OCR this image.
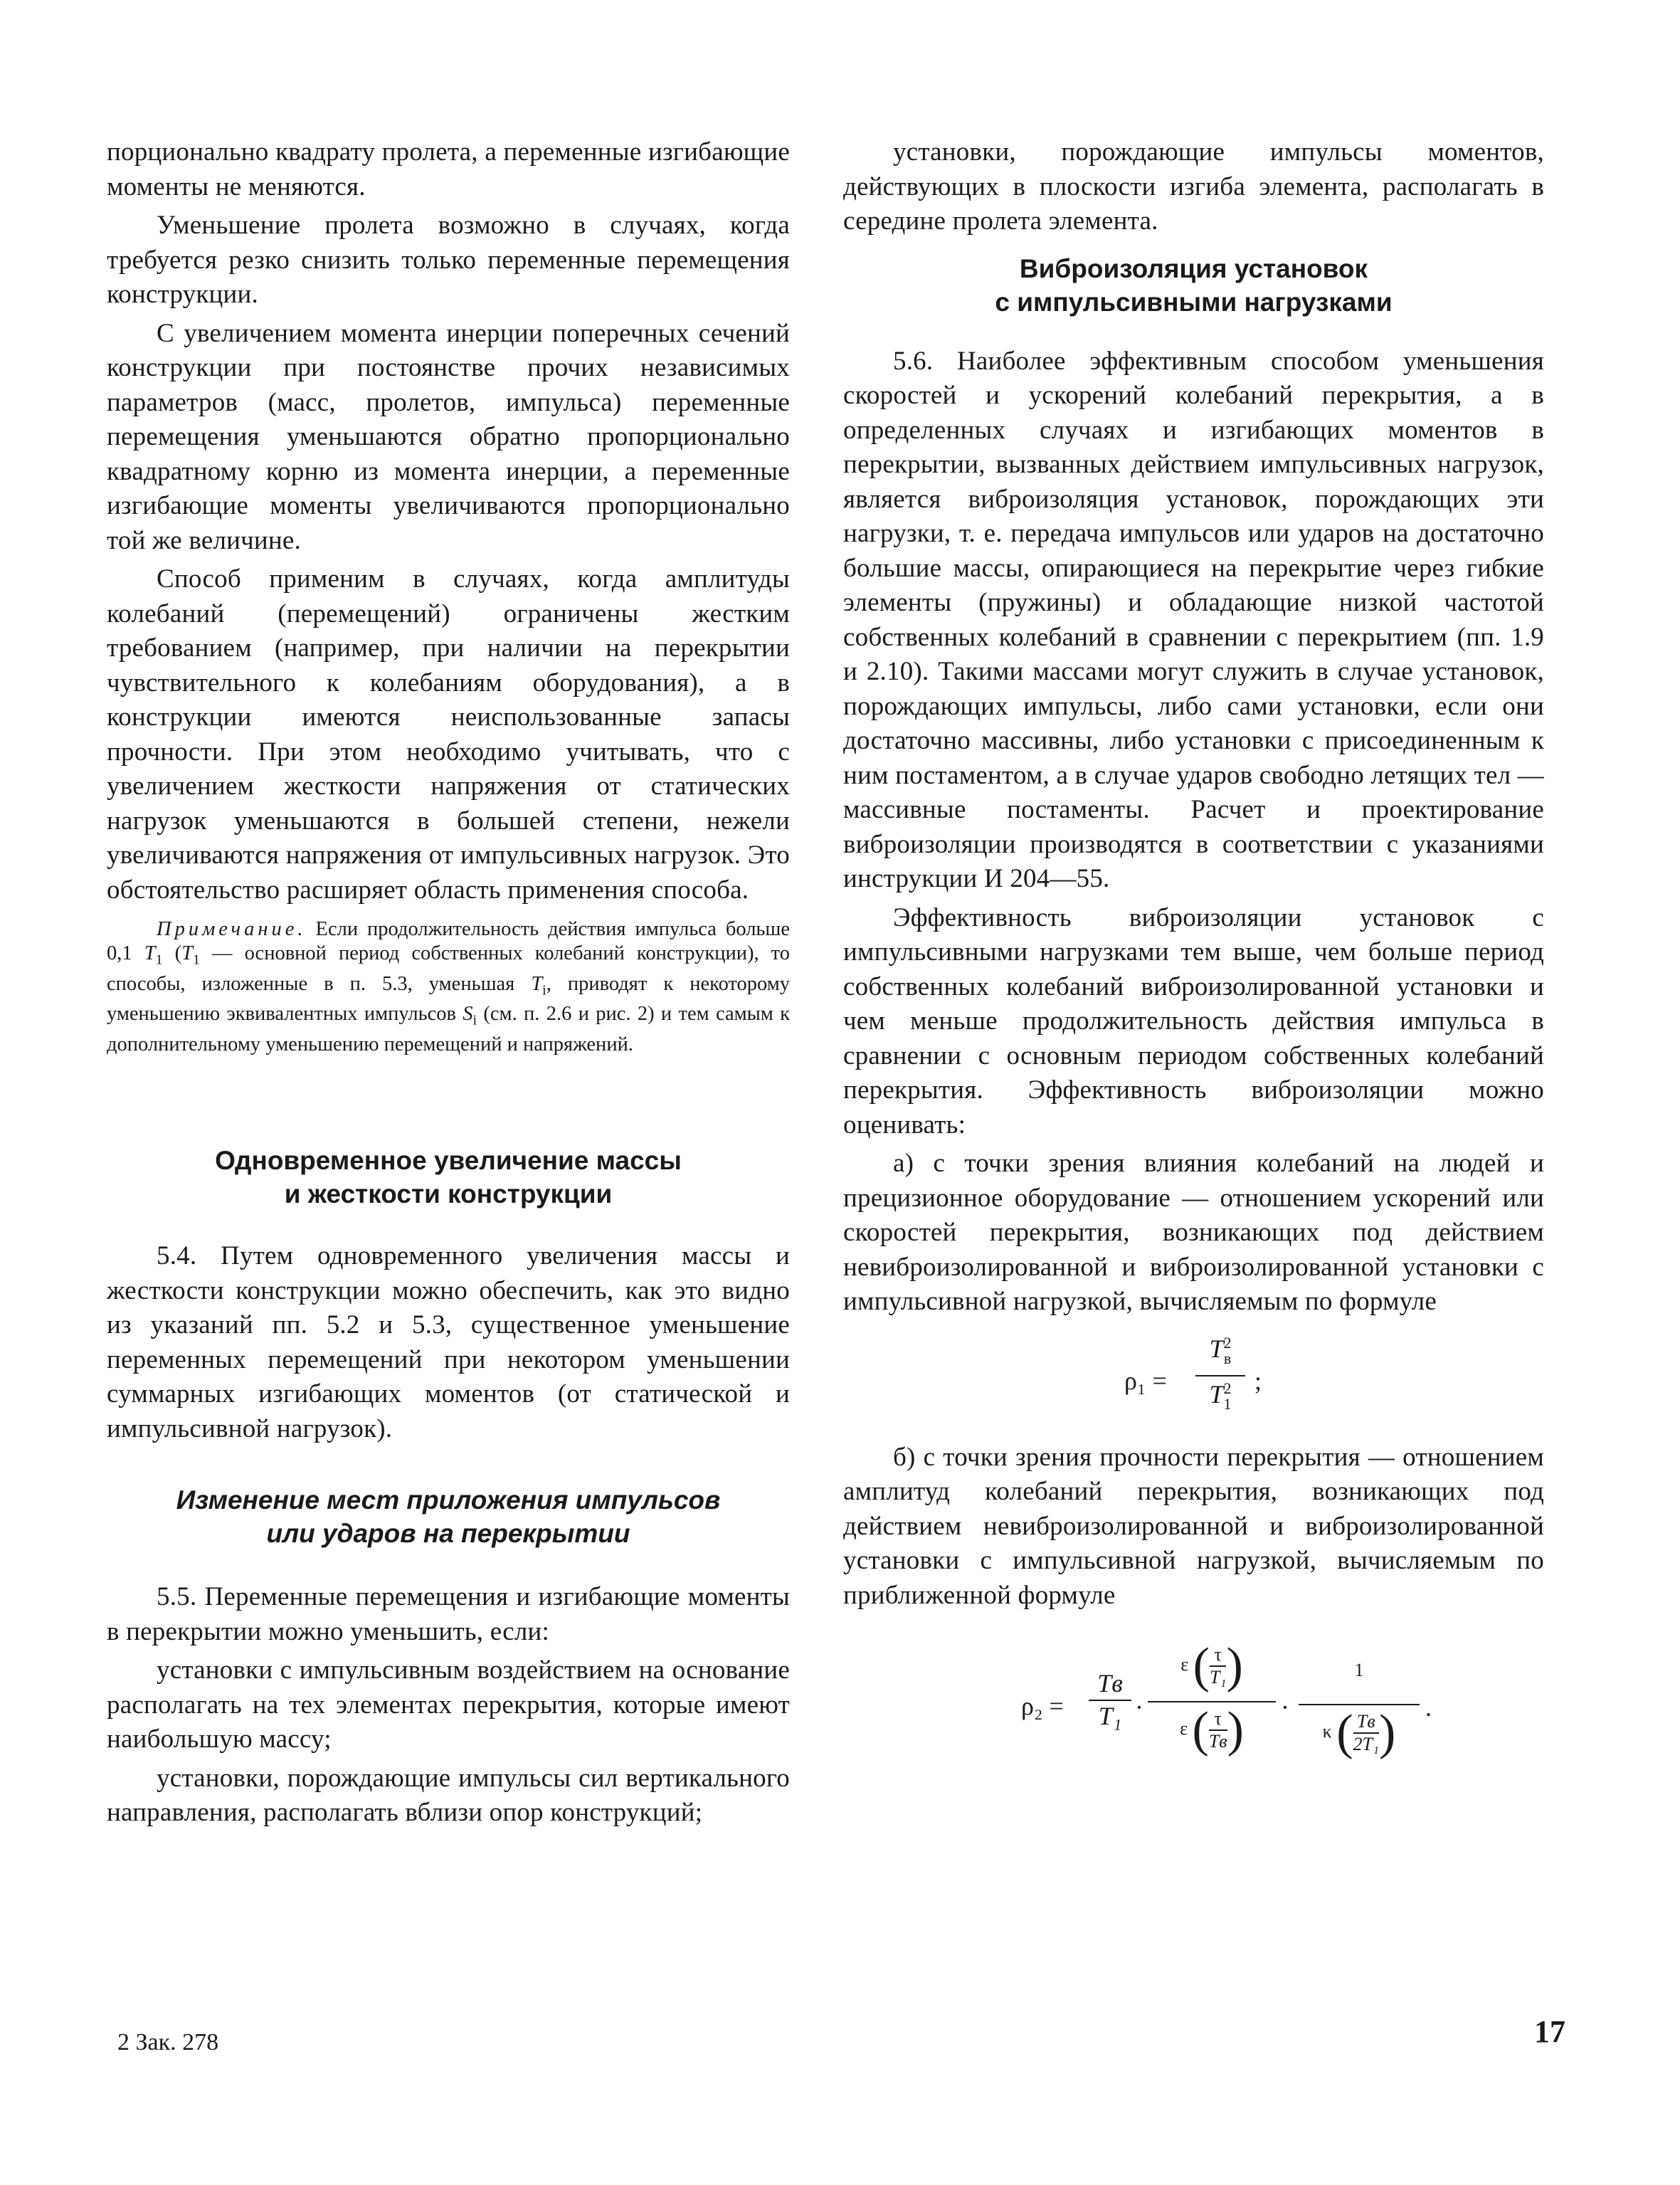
порционально квадрату пролета, а переменные изгибающие моменты не меняются.

Уменьшение пролета возможно в случаях, когда требуется резко снизить только переменные перемещения конструкции.

С увеличением момента инерции поперечных сечений конструкции при постоянстве прочих независимых параметров (масс, пролетов, импульса) переменные перемещения уменьшаются обратно пропорционально квадратному корню из момента инерции, а переменные изгибающие моменты увеличиваются пропорционально той же величине.

Способ применим в случаях, когда амплитуды колебаний (перемещений) ограничены жестким требованием (например, при наличии на перекрытии чувствительного к колебаниям оборудования), а в конструкции имеются неиспользованные запасы прочности. При этом необходимо учитывать, что с увеличением жесткости напряжения от статических нагрузок уменьшаются в большей степени, нежели увеличиваются напряжения от импульсивных нагрузок. Это обстоятельство расширяет область применения способа.

Примечание. Если продолжительность действия импульса больше 0,1 $T_1$ ($T_1$ — основной период собственных колебаний конструкции), то способы, изложенные в п. 5.3, уменьшая $T_i$, приводят к некоторому уменьшению эквивалентных импульсов $S_i$ (см. п. 2.6 и рис. 2) и тем самым к дополнительному уменьшению перемещений и напряжений.
Одновременное увеличение массы
и жесткости конструкции

5.4. Путем одновременного увеличения массы и жесткости конструкции можно обеспечить, как это видно из указаний пп. 5.2 и 5.3, существенное уменьшение переменных перемещений при некотором уменьшении суммарных изгибающих моментов (от статической и импульсивной нагрузок).

Изменение мест приложения импульсов
или ударов на перекрытии

5.5. Переменные перемещения и изгибающие моменты в перекрытии можно уменьшить, если:

установки с импульсивным воздействием на основание располагать на тех элементах перекрытия, которые имеют наибольшую массу;

установки, порождающие импульсы сил вертикального направления, располагать вблизи опор конструкций;

установки, порождающие импульсы моментов, действующих в плоскости изгиба элемента, располагать в середине пролета элемента.

Виброизоляция установок
с импульсивными нагрузками

5.6. Наиболее эффективным способом уменьшения скоростей и ускорений колебаний перекрытия, а в определенных случаях и изгибающих моментов в перекрытии, вызванных действием импульсивных нагрузок, является виброизоляция установок, порождающих эти нагрузки, т. е. передача импульсов или ударов на достаточно большие массы, опирающиеся на перекрытие через гибкие элементы (пружины) и обладающие низкой частотой собственных колебаний в сравнении с перекрытием (пп. 1.9 и 2.10). Такими массами могут служить в случае установок, порождающих импульсы, либо сами установки, если они достаточно массивны, либо установки с присоединенным к ним постаментом, а в случае ударов свободно летящих тел — массивные постаменты. Расчет и проектирование виброизоляции производятся в соответствии с указаниями инструкции И 204—55.

Эффективность виброизоляции установок с импульсивными нагрузками тем выше, чем больше период собственных колебаний виброизолированной установки и чем меньше продолжительность действия импульса в сравнении с основным периодом собственных колебаний перекрытия. Эффективность виброизоляции можно оценивать:

а) с точки зрения влияния колебаний на людей и прецизионное оборудование — отношением ускорений или скоростей перекрытия, возникающих под действием невиброизолированной и виброизолированной установки с импульсивной нагрузкой, вычисляемым по формуле

ρ₁ =
T 2
в
T 2
1
;

б) с точки зрения прочности перекрытия — отношением амплитуд колебаний перекрытия, возникающих под действием невиброизолированной и виброизолированной установки с импульсивной нагрузкой, вычисляемым по приближенной формуле

ρ₂ =
Tв
T₁ ·
ε ( $\frac{\tau}{\text{T₁}}$ )
ε ( τ
Tв )	·
1
κ ( Tв
2T₁ )	.
2 Зак. 278	17
